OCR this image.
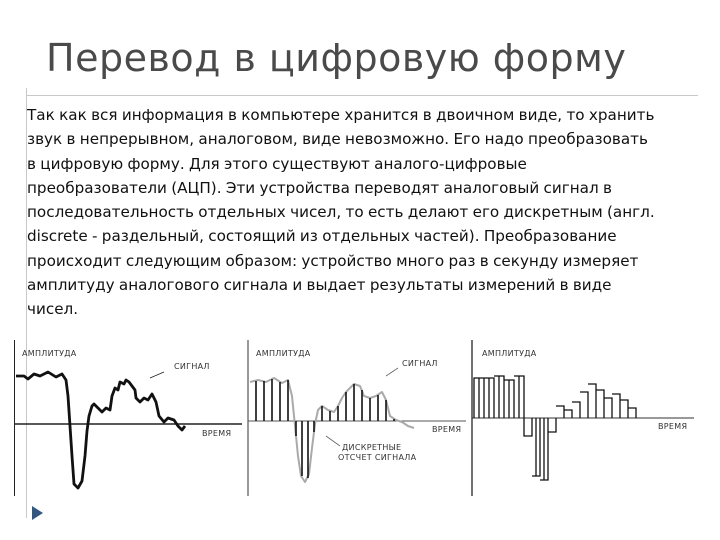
Перевод в цифровую форму
Так как вся информация в компьютере хранится в двоичном виде, то хранить
звук в непрерывном, аналоговом, виде невозможно. Его надо преобразовать
в цифровую форму. Для этого существуют аналого-цифровые
преобразователи (АЦП). Эти устройства переводят аналоговый сигнал в
последовательность отдельных чисел, то есть делают его дискретным (англ.
discrete - раздельный, состоящий из отдельных частей). Преобразование
происходит следующим образом: устройство много раз в секунду измеряет
амплитуду аналогового сигнала и выдает результаты измерений в виде
чисел.
АМПЛИТУДА
СИГНАЛ
ВРЕМЯ
АМПЛИТУДА
СИГНАЛ
ВРЕМЯ
ДИСКРЕТНЫЕ
ОТСЧЕТ СИГНАЛА
АМПЛИТУДА
ВРЕМЯ
